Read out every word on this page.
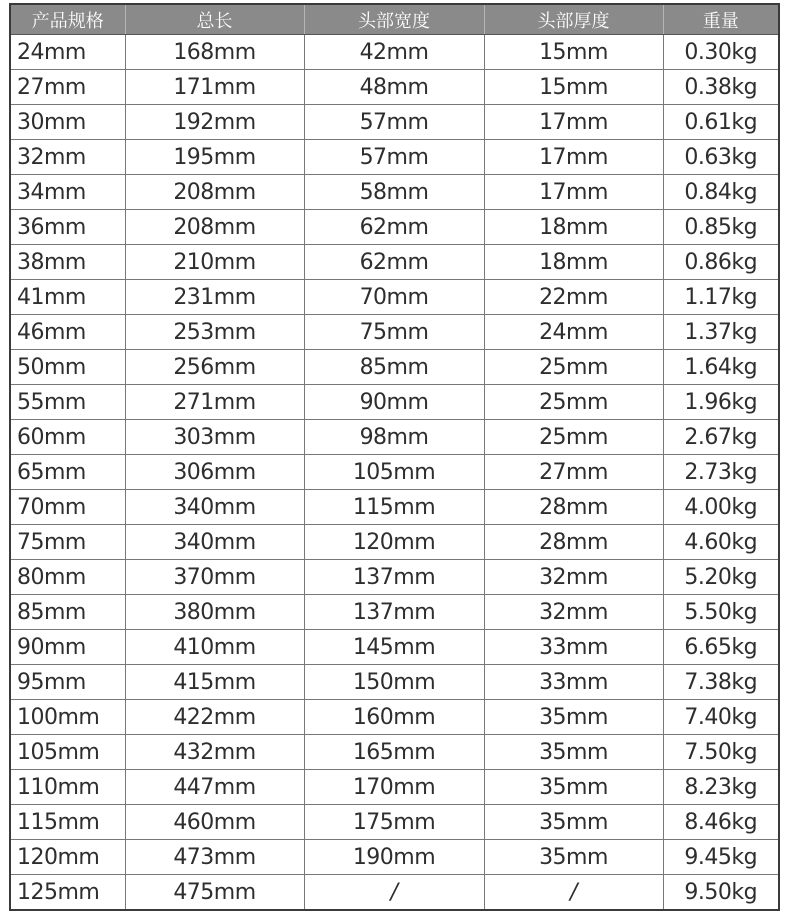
产品规格	总长	头部宽度	头部厚度	重量
24mm	168mm	42mm	15mm	0.30kg
27mm	171mm	48mm	15mm	0.38kg
30mm	192mm	57mm	17mm	0.61kg
32mm	195mm	57mm	17mm	0.63kg
34mm	208mm	58mm	17mm	0.84kg
36mm	208mm	62mm	18mm	0.85kg
38mm	210mm	62mm	18mm	0.86kg
41mm	231mm	70mm	22mm	1.17kg
46mm	253mm	75mm	24mm	1.37kg
50mm	256mm	85mm	25mm	1.64kg
55mm	271mm	90mm	25mm	1.96kg
60mm	303mm	98mm	25mm	2.67kg
65mm	306mm	105mm	27mm	2.73kg
70mm	340mm	115mm	28mm	4.00kg
75mm	340mm	120mm	28mm	4.60kg
80mm	370mm	137mm	32mm	5.20kg
85mm	380mm	137mm	32mm	5.50kg
90mm	410mm	145mm	33mm	6.65kg
95mm	415mm	150mm	33mm	7.38kg
100mm	422mm	160mm	35mm	7.40kg
105mm	432mm	165mm	35mm	7.50kg
110mm	447mm	170mm	35mm	8.23kg
115mm	460mm	175mm	35mm	8.46kg
120mm	473mm	190mm	35mm	9.45kg
125mm	475mm	/	/	9.50kg
